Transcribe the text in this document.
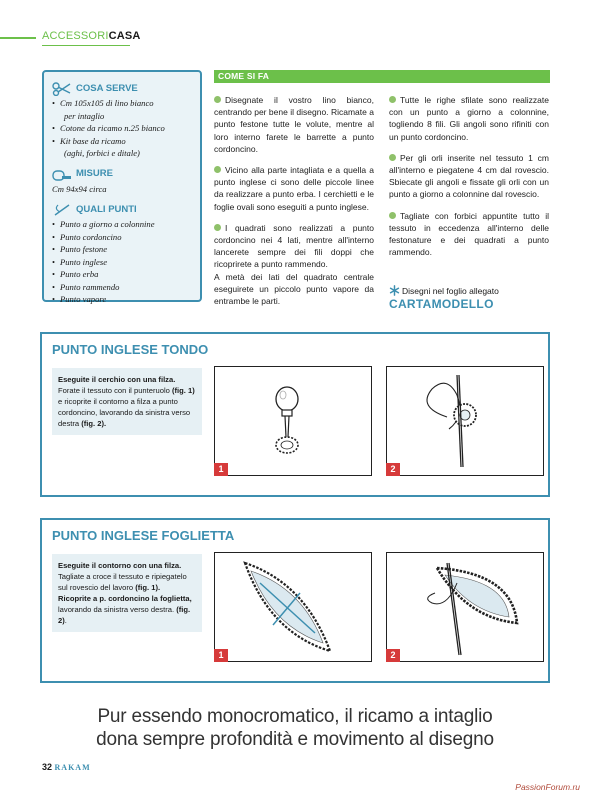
ACCESSORICASA
COSA SERVE
• Cm 105x105 di lino bianco
per intaglio
• Cotone da ricamo n.25 bianco
• Kit base da ricamo
(aghi, forbici e ditale)
MISURE
Cm 94x94 circa
QUALI PUNTI
• Punto a giorno a colonnine
• Punto cordoncino
• Punto festone
• Punto inglese
• Punto erba
• Punto rammendo
• Punto vapore
COME SI FA

Disegnate il vostro lino bianco, centrando per bene il disegno. Ricamate a punto festone tutte le volute, mentre al loro interno farete le barrette a punto cordoncino.

Vicino alla parte intagliata e a quella a punto inglese ci sono delle piccole linee da realizzare a punto erba. I cerchietti e le foglie ovali sono eseguiti a punto inglese.

I quadrati sono realizzati a punto cordoncino nei 4 lati, mentre all'interno lancerete sempre dei fili doppi che ricoprirete a punto rammendo.

A metà dei lati del quadrato centrale eseguirete un piccolo punto vapore da entrambe le parti.

Tutte le righe sfilate sono realizzate con un punto a giorno a colonnine, togliendo 8 fili. Gli angoli sono rifiniti con un punto cordoncino.

Per gli orli inserite nel tessuto 1 cm all'interno e piegatene 4 cm dal rovescio. Sbiecate gli angoli e fissate gli orli con un punto a giorno a colonnine dal rovescio.

Tagliate con forbici appuntite tutto il tessuto in eccedenza all'interno delle festonature e dei quadrati a punto rammendo.

Disegni nel foglio allegato
CARTAMODELLO
PUNTO INGLESE TONDO
Eseguite il cerchio con una filza. Forate il tessuto con il punteruolo (fig. 1) e ricoprite il contorno a filza a punto cordoncino, lavorando da sinistra verso destra (fig. 2).
1	2
PUNTO INGLESE FOGLIETTA
Eseguite il contorno con una filza. Tagliate a croce il tessuto e ripiegatelo sul rovescio del lavoro (fig. 1).
Ricoprite a p. cordoncino la foglietta, lavorando da sinistra verso destra. (fig. 2).
1	2
Pur essendo monocromatico, il ricamo a intaglio
dona sempre profondità e movimento al disegno
32 RAKAM
PassionForum.ru
